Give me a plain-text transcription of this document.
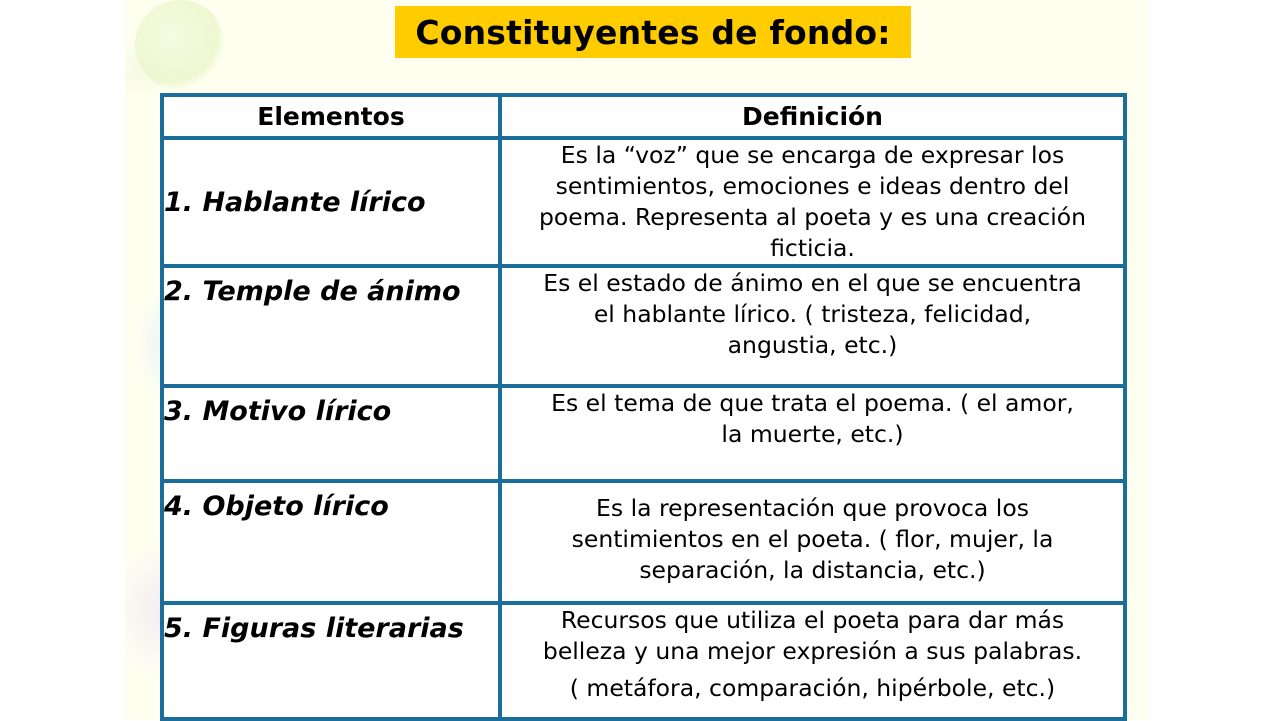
Constituyentes de fondo:
Elementos	Definición
1. Hablante lírico	Es la “voz” que se encarga de expresar los
sentimientos, emociones e ideas dentro del
poema. Representa al poeta y es una creación
ficticia.

2. Temple de ánimo	Es el estado de ánimo en el que se encuentra
el hablante lírico. ( tristeza, felicidad,
angustia, etc.)

3. Motivo lírico	Es el tema de que trata el poema. ( el amor,
la muerte, etc.)

4. Objeto lírico	Es la representación que provoca los
sentimientos en el poeta. ( flor, mujer, la
separación, la distancia, etc.)

5. Figuras literarias	Recursos que utiliza el poeta para dar más
belleza y una mejor expresión a sus palabras.
( metáfora, comparación, hipérbole, etc.)
